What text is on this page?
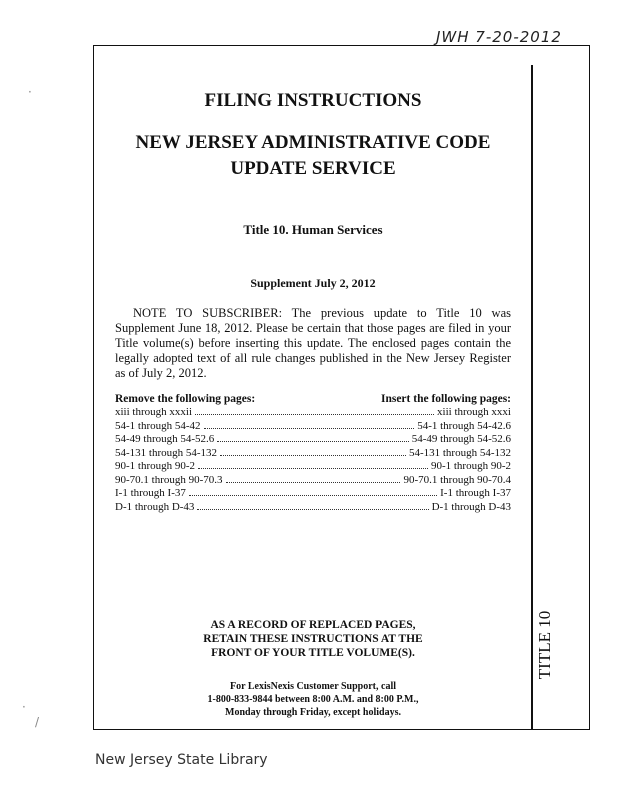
JWH 7-20-2012
TITLE 10
FILING INSTRUCTIONS
NEW JERSEY ADMINISTRATIVE CODE
UPDATE SERVICE
Title 10. Human Services
Supplement July 2, 2012
NOTE TO SUBSCRIBER: The previous update to Title 10 was Supplement June 18, 2012. Please be certain that those pages are filed in your Title volume(s) before inserting this update. The enclosed pages contain the legally adopted text of all rule changes published in the New Jersey Register as of July 2, 2012.
Remove the following pages:	Insert the following pages:
xiii through xxxii	xiii through xxxi
54-1 through 54-42	54-1 through 54-42.6
54-49 through 54-52.6	54-49 through 54-52.6
54-131 through 54-132	54-131 through 54-132
90-1 through 90-2	90-1 through 90-2
90-70.1 through 90-70.3	90-70.1 through 90-70.4
I-1 through I-37	I-1 through I-37
D-1 through D-43	D-1 through D-43
AS A RECORD OF REPLACED PAGES,
RETAIN THESE INSTRUCTIONS AT THE
FRONT OF YOUR TITLE VOLUME(S).
For LexisNexis Customer Support, call
1-800-833-9844 between 8:00 A.M. and 8:00 P.M.,
Monday through Friday, except holidays.
New Jersey State Library
·
·
/
